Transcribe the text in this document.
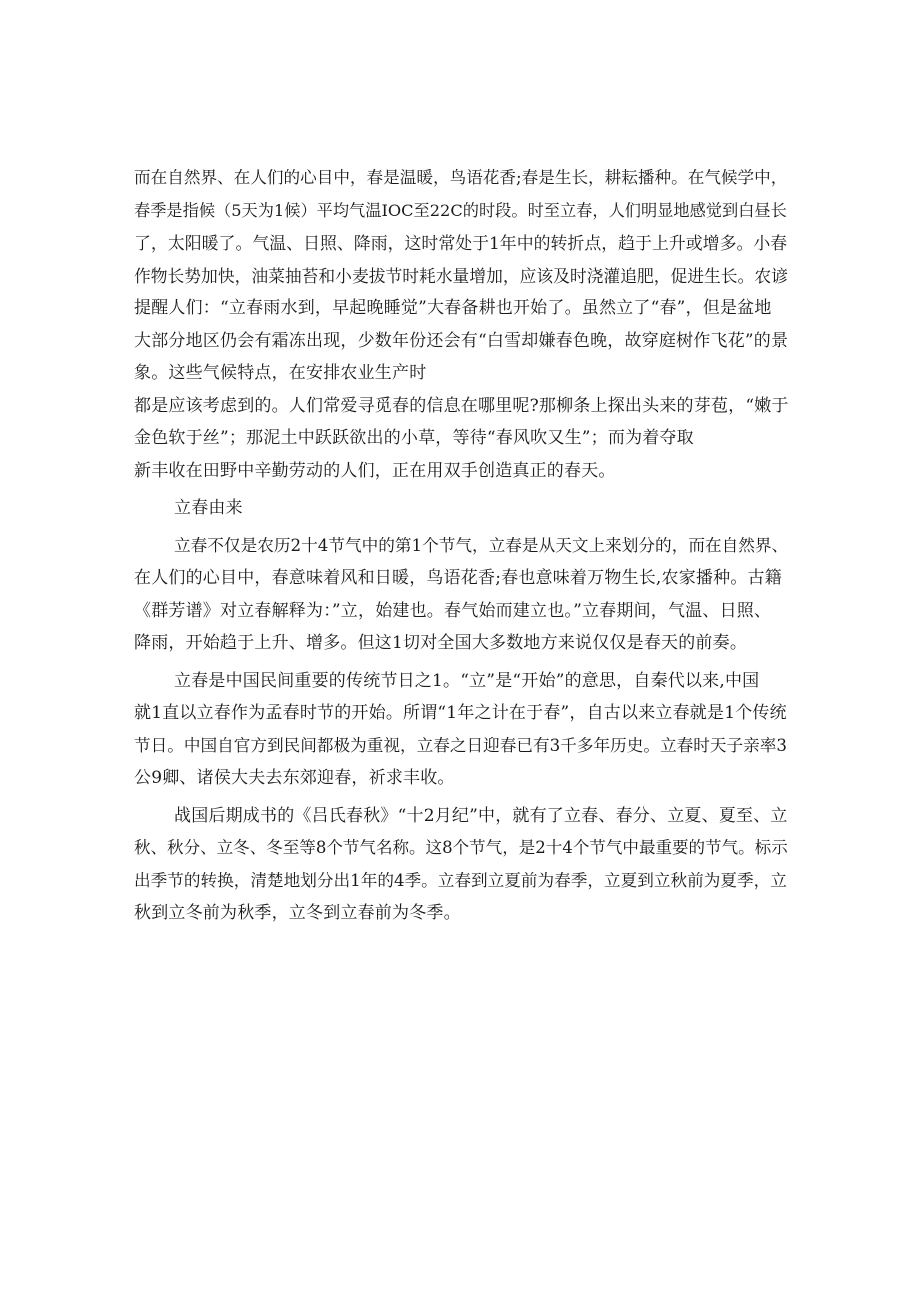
而在自然界、在人们的心目中，春是温暖，鸟语花香;春是生长，耕耘播种。在气候学中，
春季是指候（5天为1候）平均气温IOC至22C的时段。时至立春，人们明显地感觉到白昼长
了，太阳暖了。气温、日照、降雨，这时常处于1年中的转折点，趋于上升或增多。小春
作物长势加快，油菜抽苔和小麦拔节时耗水量增加，应该及时浇灌追肥，促进生长。农谚
提醒人们：“立春雨水到，早起晚睡觉”大春备耕也开始了。虽然立了“春”，但是盆地
大部分地区仍会有霜冻出现，少数年份还会有“白雪却嫌春色晚，故穿庭树作飞花”的景
象。这些气候特点，在安排农业生产时
都是应该考虑到的。人们常爱寻觅春的信息在哪里呢?那柳条上探出头来的芽苞，“嫩于
金色软于丝”；那泥土中跃跃欲出的小草，等待“春风吹又生”；而为着夺取
新丰收在田野中辛勤劳动的人们，正在用双手创造真正的春天。
立春由来
立春不仅是农历2十4节气中的第1个节气，立春是从天文上来划分的，而在自然界、
在人们的心目中，春意味着风和日暖，鸟语花香;春也意味着万物生长,农家播种。古籍
《群芳谱》对立春解释为：”立，始建也。春气始而建立也。”立春期间，气温、日照、
降雨，开始趋于上升、增多。但这1切对全国大多数地方来说仅仅是春天的前奏。
立春是中国民间重要的传统节日之1。“立”是“开始”的意思，自秦代以来,中国
就1直以立春作为孟春时节的开始。所谓“1年之计在于春”，自古以来立春就是1个传统
节日。中国自官方到民间都极为重视，立春之日迎春已有3千多年历史。立春时天子亲率3
公9卿、诸侯大夫去东郊迎春，祈求丰收。
战国后期成书的《吕氏春秋》“十2月纪”中，就有了立春、春分、立夏、夏至、立
秋、秋分、立冬、冬至等8个节气名称。这8个节气，是2十4个节气中最重要的节气。标示
出季节的转换，清楚地划分出1年的4季。立春到立夏前为春季，立夏到立秋前为夏季，立
秋到立冬前为秋季，立冬到立春前为冬季。
